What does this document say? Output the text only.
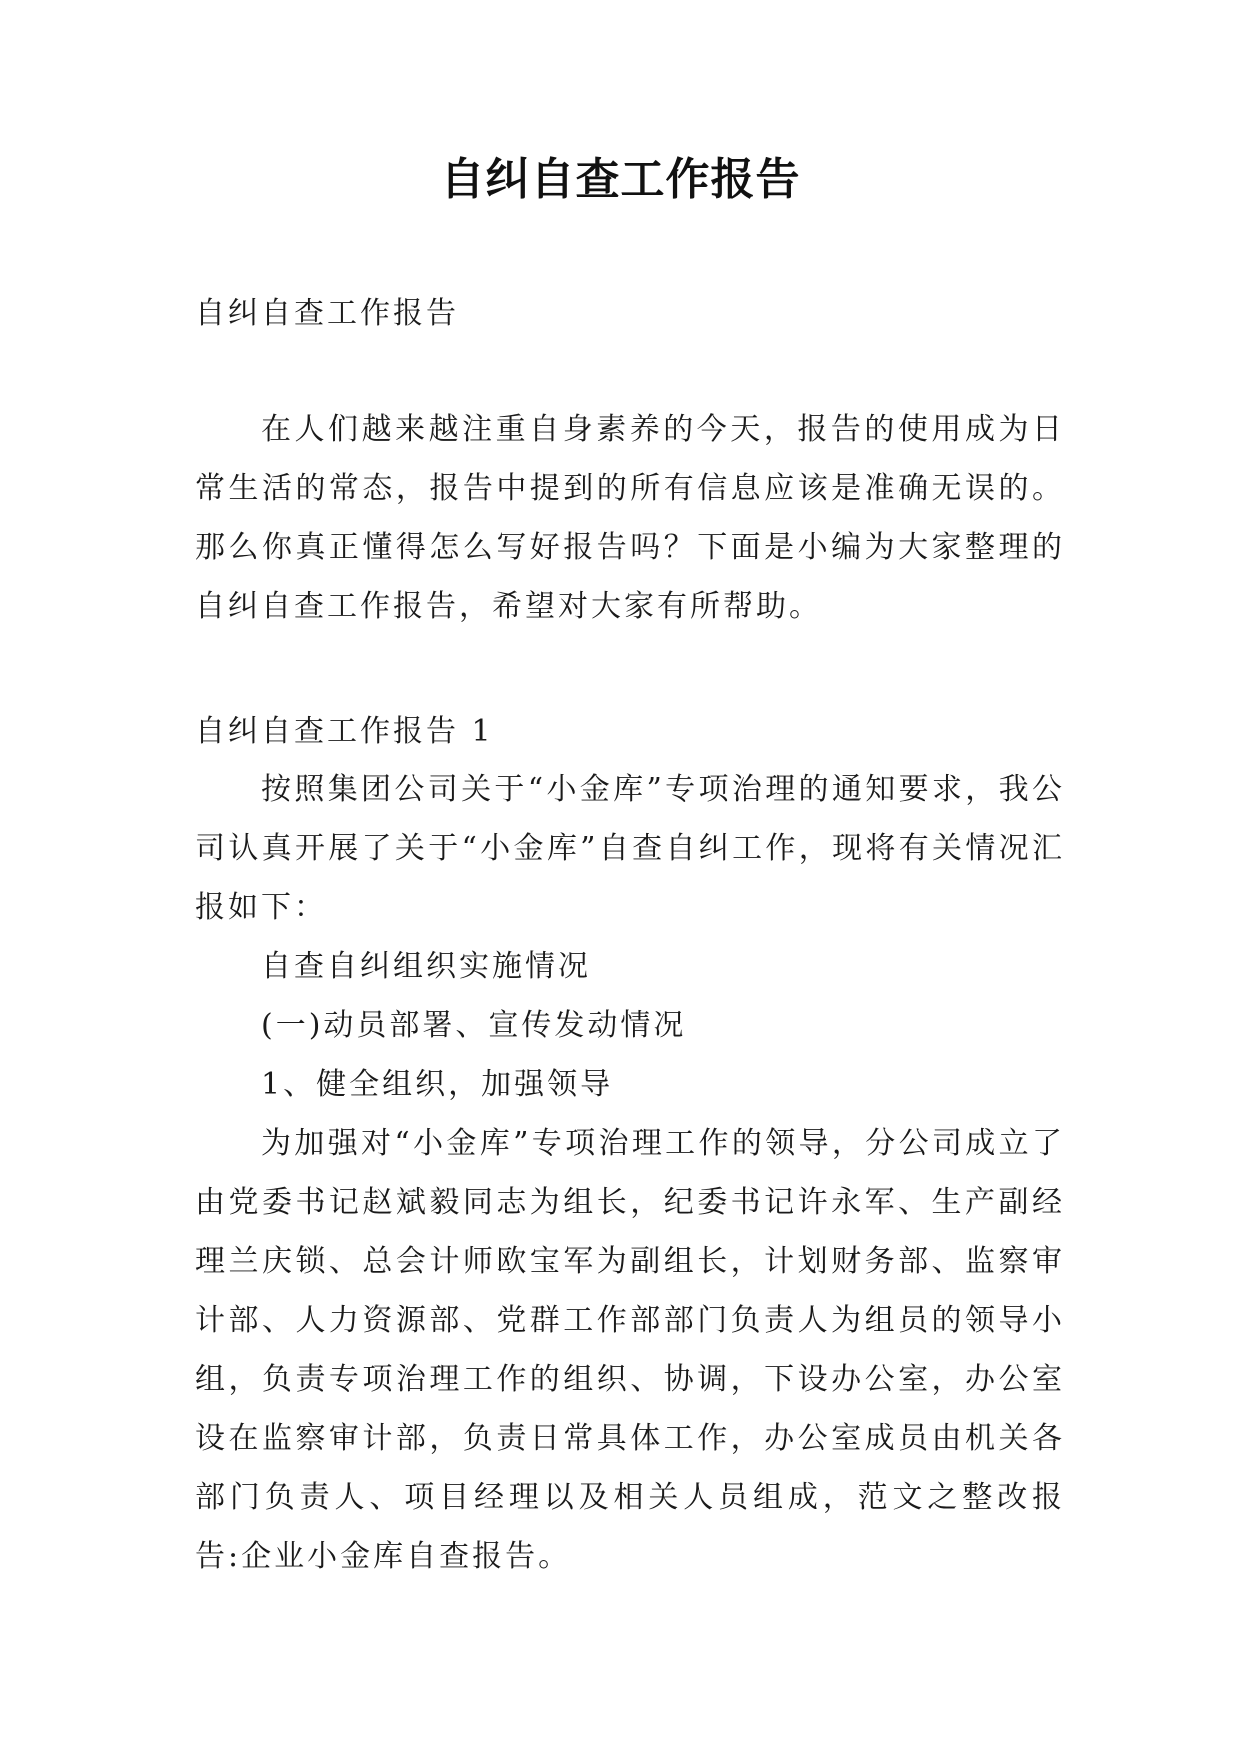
自纠自查工作报告

自纠自查工作报告

在人们越来越注重自身素养的今天，报告的使用成为日常生活的常态，报告中提到的所有信息应该是准确无误的。那么你真正懂得怎么写好报告吗？下面是小编为大家整理的自纠自查工作报告，希望对大家有所帮助。

自纠自查工作报告 1

按照集团公司关于“小金库”专项治理的通知要求，我公司认真开展了关于“小金库”自查自纠工作，现将有关情况汇报如下：

自查自纠组织实施情况

(一)动员部署、宣传发动情况

1、健全组织，加强领导

为加强对“小金库”专项治理工作的领导，分公司成立了由党委书记赵斌毅同志为组长，纪委书记许永军、生产副经理兰庆锁、总会计师欧宝军为副组长，计划财务部、监察审计部、人力资源部、党群工作部部门负责人为组员的领导小组，负责专项治理工作的组织、协调，下设办公室，办公室设在监察审计部，负责日常具体工作，办公室成员由机关各部门负责人、项目经理以及相关人员组成，范文之整改报告:企业小金库自查报告。
